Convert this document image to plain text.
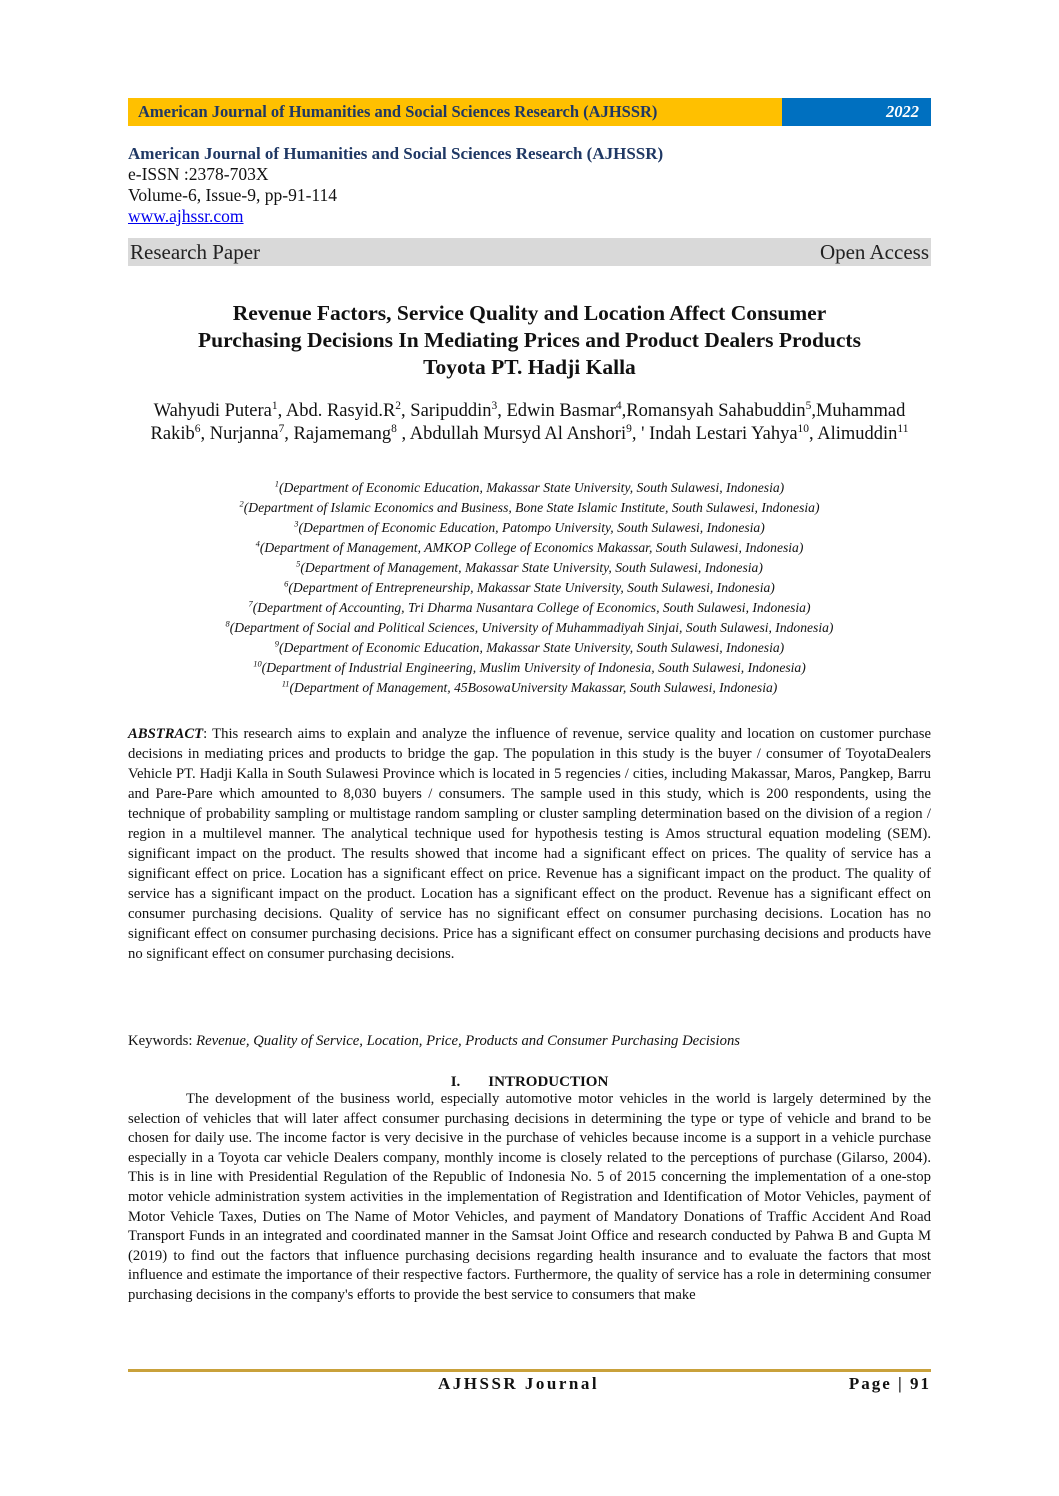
American Journal of Humanities and Social Sciences Research (AJHSSR)	2022
American Journal of Humanities and Social Sciences Research (AJHSSR)
e-ISSN :2378-703X
Volume-6, Issue-9, pp-91-114
www.ajhssr.com
Research Paper	Open Access
Revenue Factors, Service Quality and Location Affect Consumer
Purchasing Decisions In Mediating Prices and Product Dealers Products
Toyota PT. Hadji Kalla
Wahyudi Putera$^1$, Abd. $Rasyid.R^2$, Saripuddin$^3$, Edwin Basmar$^4$,Romansyah Sahabuddin$^5$,Muhammad Rakib$^6$, Nurjanna$^7$, Rajamemang$^8$ , Abdullah Mursyd Al Anshori$^9$, ' Indah Lestari Yahya$^{10}$, Alimuddin$^{11}$
$^1$(Department of Economic Education, Makassar State University, South Sulawesi, Indonesia)
$^2$(Department of Islamic Economics and Business, Bone State Islamic Institute, South Sulawesi, Indonesia)
$^3$(Departmen of Economic Education, Patompo University, South Sulawesi, Indonesia)
$^4$(Department of Management, AMKOP College of Economics Makassar, South Sulawesi, Indonesia)
$^5$(Department of Management, Makassar State University, South Sulawesi, Indonesia)
$^6$(Department of Entrepreneurship, Makassar State University, South Sulawesi, Indonesia)
$^7$(Department of Accounting, Tri Dharma Nusantara College of Economics, South Sulawesi, Indonesia)
$^8$(Department of Social and Political Sciences, University of Muhammadiyah Sinjai, South Sulawesi, Indonesia)
$^9$(Department of Economic Education, Makassar State University, South Sulawesi, Indonesia)
$^{10}$(Department of Industrial Engineering, Muslim University of Indonesia, South Sulawesi, Indonesia)
$^{11}$(Department of Management, 45BosowaUniversity Makassar, South Sulawesi, Indonesia)
ABSTRACT: This research aims to explain and analyze the influence of revenue, service quality and location on customer purchase decisions in mediating prices and products to bridge the gap. The population in this study is the buyer / consumer of ToyotaDealers Vehicle PT. Hadji Kalla in South Sulawesi Province which is located in 5 regencies / cities, including Makassar, Maros, Pangkep, Barru and Pare-Pare which amounted to 8,030 buyers / consumers. The sample used in this study, which is 200 respondents, using the technique of probability sampling or multistage random sampling or cluster sampling determination based on the division of a region / region in a multilevel manner. The analytical technique used for hypothesis testing is Amos structural equation modeling (SEM). significant impact on the product. The results showed that income had a significant effect on prices. The quality of service has a significant effect on price. Location has a significant effect on price. Revenue has a significant impact on the product. The quality of service has a significant impact on the product. Location has a significant effect on the product. Revenue has a significant effect on consumer purchasing decisions. Quality of service has no significant effect on consumer purchasing decisions. Location has no significant effect on consumer purchasing decisions. Price has a significant effect on consumer purchasing decisions and products have no significant effect on consumer purchasing decisions.
Keywords: Revenue, Quality of Service, Location, Price, Products and Consumer Purchasing Decisions
I. INTRODUCTION
The development of the business world, especially automotive motor vehicles in the world is largely determined by the selection of vehicles that will later affect consumer purchasing decisions in determining the type or type of vehicle and brand to be chosen for daily use. The income factor is very decisive in the purchase of vehicles because income is a support in a vehicle purchase especially in a Toyota car vehicle Dealers company, monthly income is closely related to the perceptions of purchase (Gilarso, 2004). This is in line with Presidential Regulation of the Republic of Indonesia No. 5 of 2015 concerning the implementation of a one-stop motor vehicle administration system activities in the implementation of Registration and Identification of Motor Vehicles, payment of Motor Vehicle Taxes, Duties on The Name of Motor Vehicles, and payment of Mandatory Donations of Traffic Accident And Road Transport Funds in an integrated and coordinated manner in the Samsat Joint Office and research conducted by Pahwa B and Gupta M (2019) to find out the factors that influence purchasing decisions regarding health insurance and to evaluate the factors that most influence and estimate the importance of their respective factors. Furthermore, the quality of service has a role in determining consumer purchasing decisions in the company's efforts to provide the best service to consumers that make
AJHSSR Journal	Page | 91
